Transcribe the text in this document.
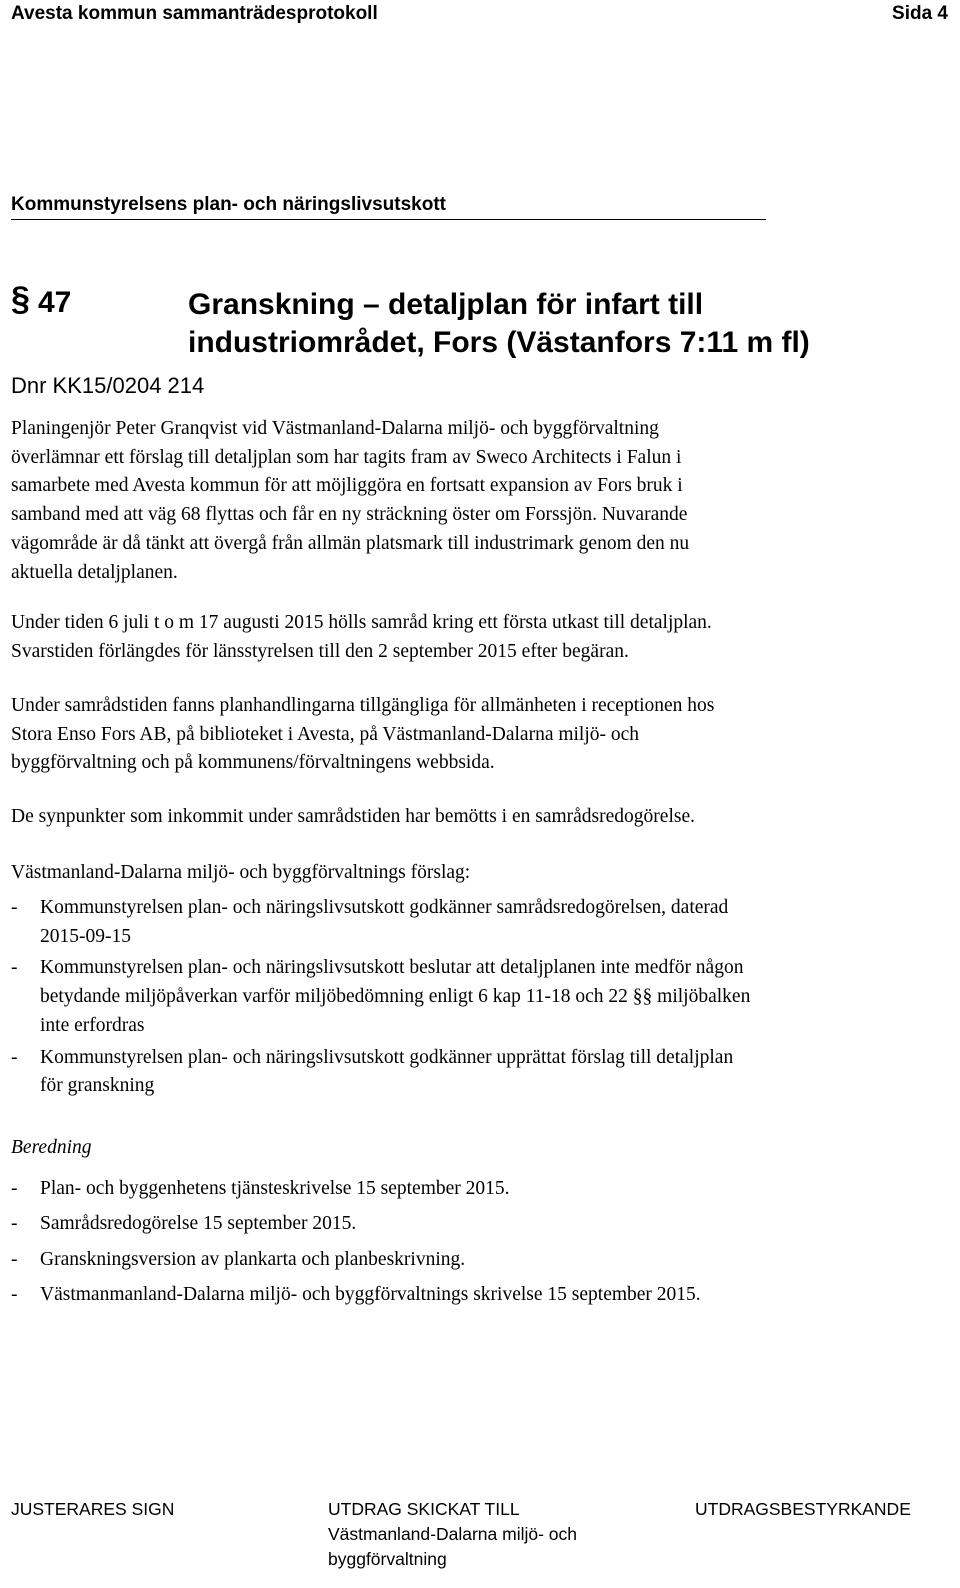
Avesta kommun sammanträdesprotokoll	Sida 4
Kommunstyrelsens plan- och näringslivsutskott
§ 47	Granskning – detaljplan för infart till
industriområdet, Fors (Västanfors 7:11 m fl)
Dnr KK15/0204 214
Planingenjör Peter Granqvist vid Västmanland-Dalarna miljö- och byggförvaltning
överlämnar ett förslag till detaljplan som har tagits fram av Sweco Architects i Falun i
samarbete med Avesta kommun för att möjliggöra en fortsatt expansion av Fors bruk i
samband med att väg 68 flyttas och får en ny sträckning öster om Forssjön. Nuvarande
vägområde är då tänkt att övergå från allmän platsmark till industrimark genom den nu
aktuella detaljplanen.
Under tiden 6 juli t o m 17 augusti 2015 hölls samråd kring ett första utkast till detaljplan.
Svarstiden förlängdes för länsstyrelsen till den 2 september 2015 efter begäran.
Under samrådstiden fanns planhandlingarna tillgängliga för allmänheten i receptionen hos
Stora Enso Fors AB, på biblioteket i Avesta, på Västmanland-Dalarna miljö- och
byggförvaltning och på kommunens/förvaltningens webbsida.
De synpunkter som inkommit under samrådstiden har bemötts i en samrådsredogörelse.
Västmanland-Dalarna miljö- och byggförvaltnings förslag:
- Kommunstyrelsen plan- och näringslivsutskott godkänner samrådsredogörelsen, daterad
2015-09-15
- Kommunstyrelsen plan- och näringslivsutskott beslutar att detaljplanen inte medför någon
betydande miljöpåverkan varför miljöbedömning enligt 6 kap 11-18 och 22 §§ miljöbalken
inte erfordras
- Kommunstyrelsen plan- och näringslivsutskott godkänner upprättat förslag till detaljplan
för granskning
Beredning
- Plan- och byggenhetens tjänsteskrivelse 15 september 2015.
- Samrådsredogörelse 15 september 2015.
- Granskningsversion av plankarta och planbeskrivning.
- Västmanmanland-Dalarna miljö- och byggförvaltnings skrivelse 15 september 2015.
JUSTERARES SIGN	UTDRAG SKICKAT TILL
Västmanland-Dalarna miljö- och
byggförvaltning
UTDRAGSBESTYRKANDE
